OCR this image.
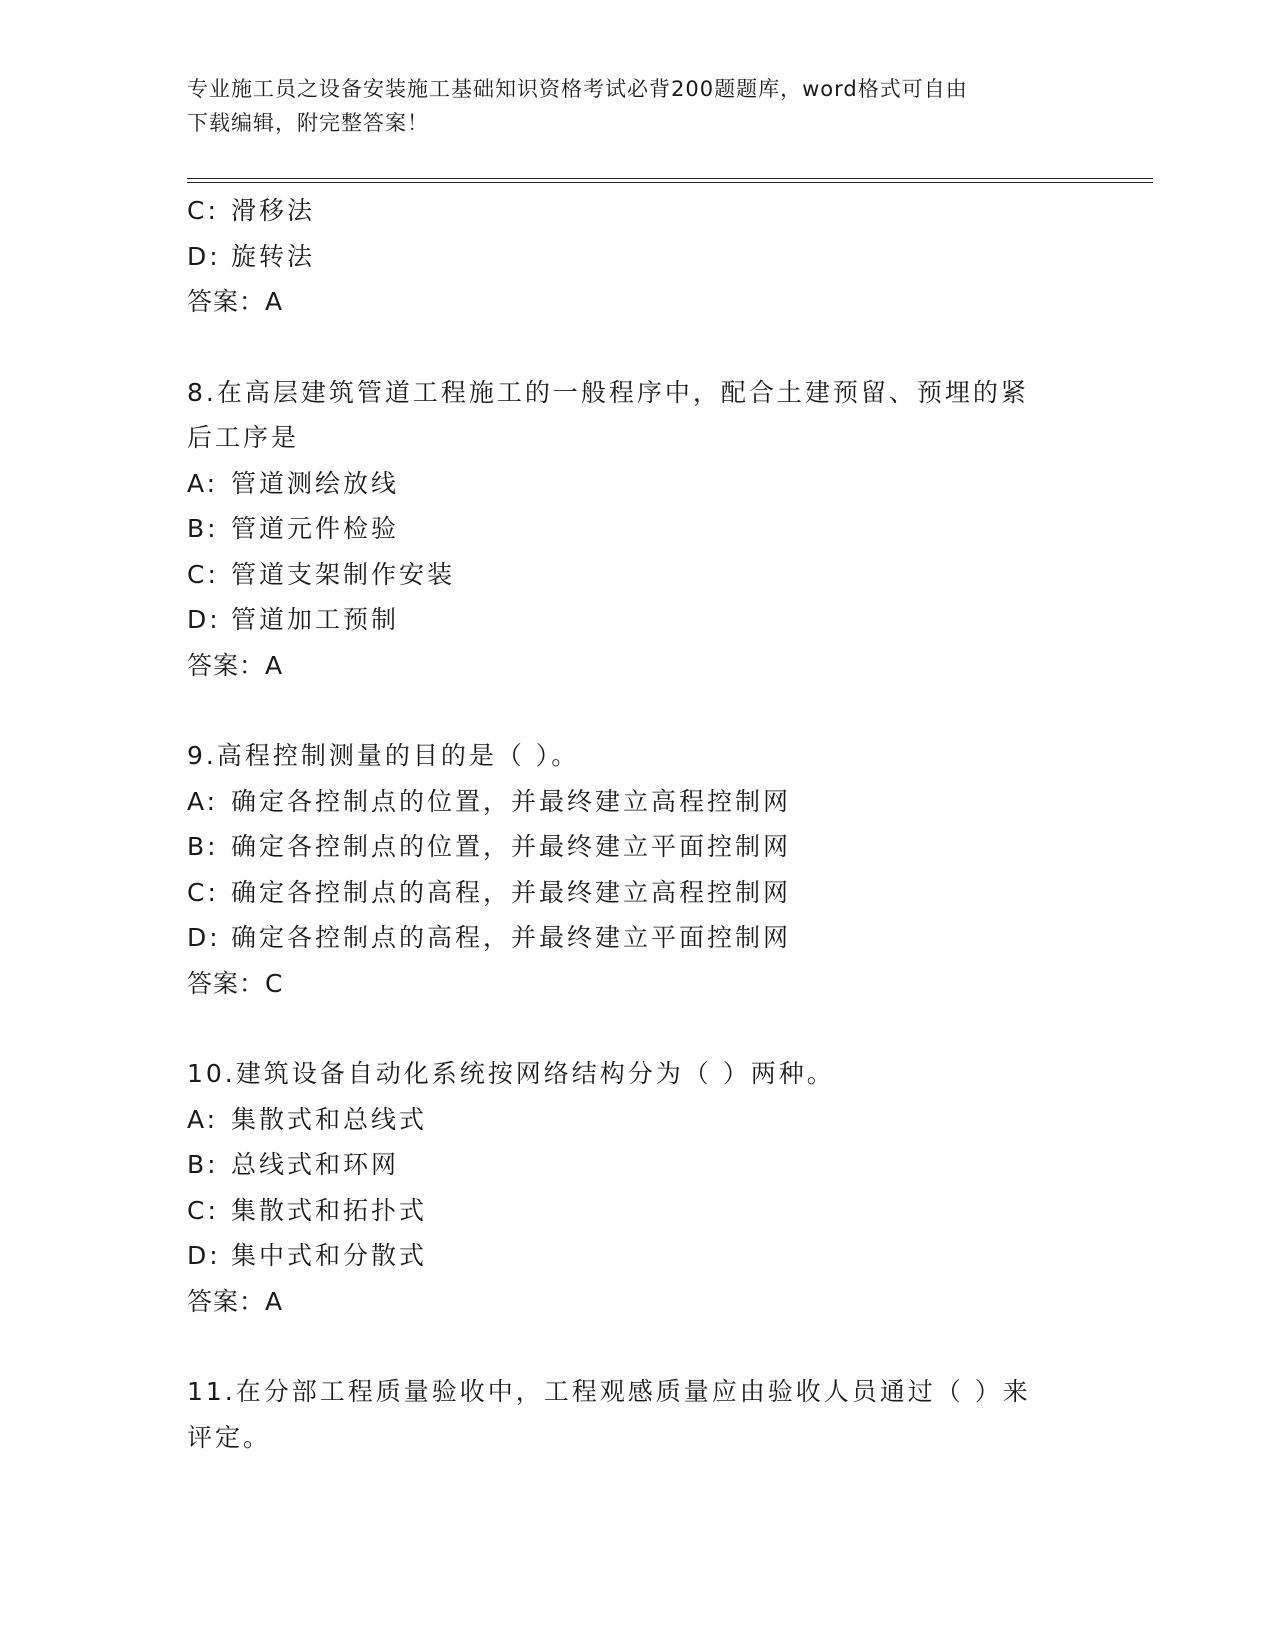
专业施工员之设备安装施工基础知识资格考试必背200题题库，word格式可自由
下载编辑，附完整答案！
C: 滑移法
D: 旋转法
答案：A
8.在高层建筑管道工程施工的一般程序中，配合土建预留、预埋的紧
后工序是
A: 管道测绘放线
B: 管道元件检验
C: 管道支架制作安装
D: 管道加工预制
答案：A
9.高程控制测量的目的是（ ）。
A: 确定各控制点的位置，并最终建立高程控制网
B: 确定各控制点的位置，并最终建立平面控制网
C: 确定各控制点的高程，并最终建立高程控制网
D: 确定各控制点的高程，并最终建立平面控制网
答案：C
10.建筑设备自动化系统按网络结构分为（ ）两种。
A: 集散式和总线式
B: 总线式和环网
C: 集散式和拓扑式
D: 集中式和分散式
答案：A
11.在分部工程质量验收中，工程观感质量应由验收人员通过（ ）来
评定。
